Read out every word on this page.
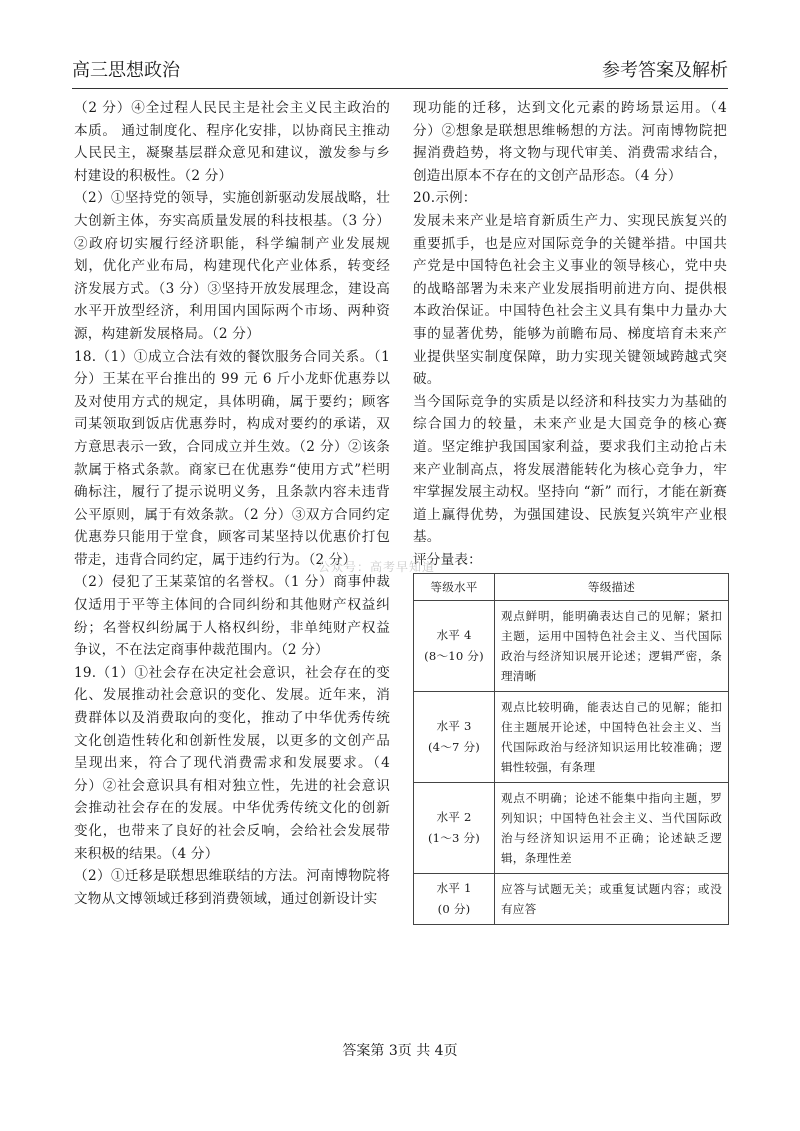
高三思想政治	参考答案及解析

（2 分）④全过程人民民主是社会主义民主政治的本质。 通过制度化、程序化安排，以协商民主推动人民民主，凝聚基层群众意见和建议，激发参与乡村建设的积极性。（2 分）

（2）①坚持党的领导，实施创新驱动发展战略，壮大创新主体，夯实高质量发展的科技根基。（3 分）②政府切实履行经济职能，科学编制产业发展规划，优化产业布局，构建现代化产业体系，转变经济发展方式。（3 分）③坚持开放发展理念，建设高水平开放型经济，利用国内国际两个市场、两种资源，构建新发展格局。（2 分）

18.（1）①成立合法有效的餐饮服务合同关系。（1 分）王某在平台推出的 99 元 6 斤小龙虾优惠券以及对使用方式的规定，具体明确，属于要约；顾客司某领取到饭店优惠券时，构成对要约的承诺，双方意思表示一致，合同成立并生效。（2 分）②该条款属于格式条款。商家已在优惠券“使用方式”栏明确标注，履行了提示说明义务，且条款内容未违背公平原则，属于有效条款。（2 分）③双方合同约定优惠券只能用于堂食，顾客司某坚持以优惠价打包带走，违背合同约定，属于违约行为。（2 分）

（2）侵犯了王某菜馆的名誉权。（1 分）商事仲裁仅适用于平等主体间的合同纠纷和其他财产权益纠纷；名誉权纠纷属于人格权纠纷，非单纯财产权益争议，不在法定商事仲裁范围内。（2 分）

19.（1）①社会存在决定社会意识，社会存在的变化、发展推动社会意识的变化、发展。近年来，消费群体以及消费取向的变化，推动了中华优秀传统文化创造性转化和创新性发展，以更多的文创产品呈现出来，符合了现代消费需求和发展要求。（4 分）②社会意识具有相对独立性，先进的社会意识会推动社会存在的发展。中华优秀传统文化的创新变化，也带来了良好的社会反响，会给社会发展带来积极的结果。（4 分）

（2）①迁移是联想思维联结的方法。河南博物院将文物从文博领域迁移到消费领域，通过创新设计实

现功能的迁移，达到文化元素的跨场景运用。（4 分）②想象是联想思维畅想的方法。河南博物院把握消费趋势，将文物与现代审美、消费需求结合，创造出原本不存在的文创产品形态。（4 分）

20.示例：

发展未来产业是培育新质生产力、实现民族复兴的重要抓手，也是应对国际竞争的关键举措。中国共产党是中国特色社会主义事业的领导核心，党中央的战略部署为未来产业发展指明前进方向、提供根本政治保证。中国特色社会主义具有集中力量办大事的显著优势，能够为前瞻布局、梯度培育未来产业提供坚实制度保障，助力实现关键领域跨越式突破。

当今国际竞争的实质是以经济和科技实力为基础的综合国力的较量，未来产业是大国竞争的核心赛道。坚定维护我国国家利益，要求我们主动抢占未来产业制高点，将发展潜能转化为核心竞争力，牢牢掌握发展主动权。坚持向 “新” 而行，才能在新赛道上赢得优势，为强国建设、民族复兴筑牢产业根基。

评分量表：

等级水平	等级描述

水平 4
(8～10 分)	观点鲜明，能明确表达自己的见解；紧扣主题，运用中国特色社会主义、当代国际政治与经济知识展开论述；逻辑严密，条理清晰

水平 3
(4～7 分)	观点比较明确，能表达自己的见解；能扣住主题展开论述，中国特色社会主义、当代国际政治与经济知识运用比较准确；逻辑性较强，有条理

水平 2
(1～3 分)	观点不明确；论述不能集中指向主题，罗列知识；中国特色社会主义、当代国际政治与经济知识运用不正确；论述缺乏逻辑，条理性差

水平 1
(0 分)	应答与试题无关；或重复试题内容；或没有应答
公众号：高考早知道
答案第 3页 共 4页
